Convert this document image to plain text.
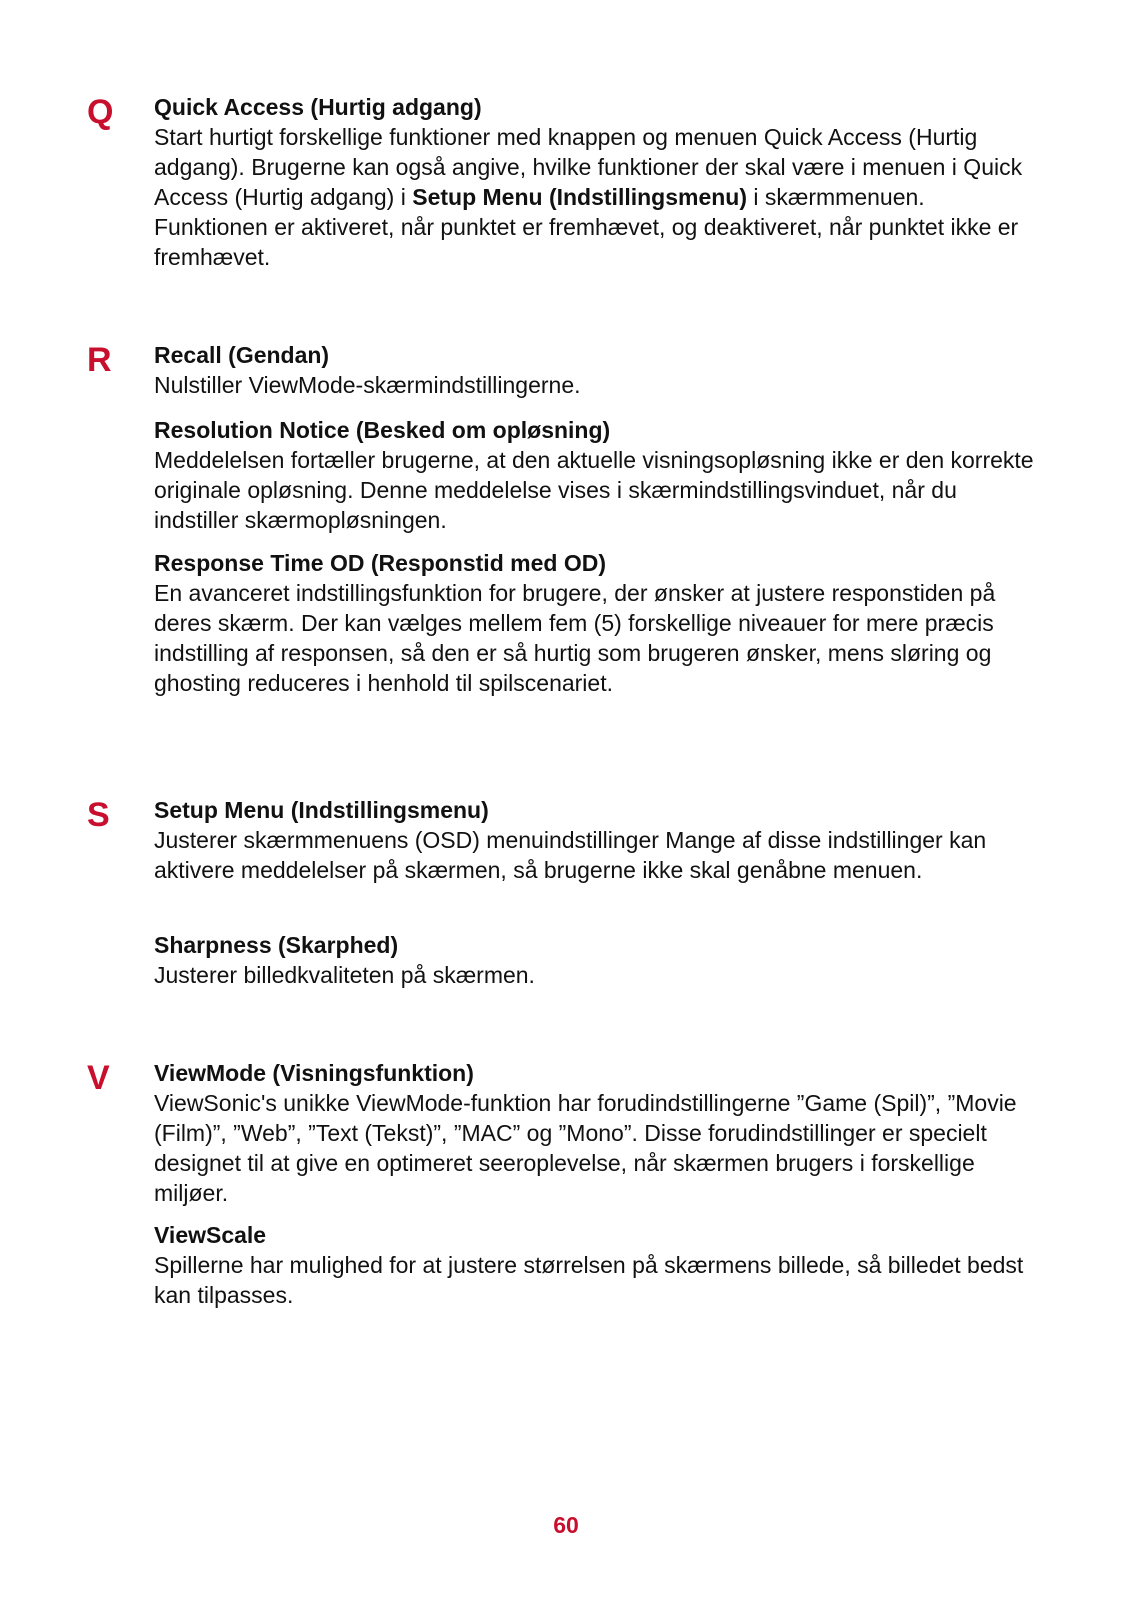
Q Quick Access (Hurtig adgang)
Start hurtigt forskellige funktioner med knappen og menuen Quick Access (Hurtig adgang). Brugerne kan også angive, hvilke funktioner der skal være i menuen i Quick Access (Hurtig adgang) i Setup Menu (Indstillingsmenu) i skærmmenuen. Funktionen er aktiveret, når punktet er fremhævet, og deaktiveret, når punktet ikke er fremhævet.
R Recall (Gendan)
Nulstiller ViewMode-skærmindstillingerne.
Resolution Notice (Besked om opløsning)
Meddelelsen fortæller brugerne, at den aktuelle visningsopløsning ikke er den korrekte originale opløsning. Denne meddelelse vises i skærmindstillingsvinduet, når du indstiller skærmopløsningen.
Response Time OD (Responstid med OD)
En avanceret indstillingsfunktion for brugere, der ønsker at justere responstiden på deres skærm. Der kan vælges mellem fem (5) forskellige niveauer for mere præcis indstilling af responsen, så den er så hurtig som brugeren ønsker, mens sløring og ghosting reduceres i henhold til spilscenariet.
S Setup Menu (Indstillingsmenu)
Justerer skærmmenuens (OSD) menuindstillinger Mange af disse indstillinger kan aktivere meddelelser på skærmen, så brugerne ikke skal genåbne menuen.
Sharpness (Skarphed)
Justerer billedkvaliteten på skærmen.
V ViewMode (Visningsfunktion)
ViewSonic's unikke ViewMode-funktion har forudindstillingerne ”Game (Spil)”, ”Movie (Film)”, ”Web”, ”Text (Tekst)”, ”MAC” og ”Mono”. Disse forudindstillinger er specielt designet til at give en optimeret seeroplevelse, når skærmen brugers i forskellige miljøer.
ViewScale
Spillerne har mulighed for at justere størrelsen på skærmens billede, så billedet bedst kan tilpasses.
60
